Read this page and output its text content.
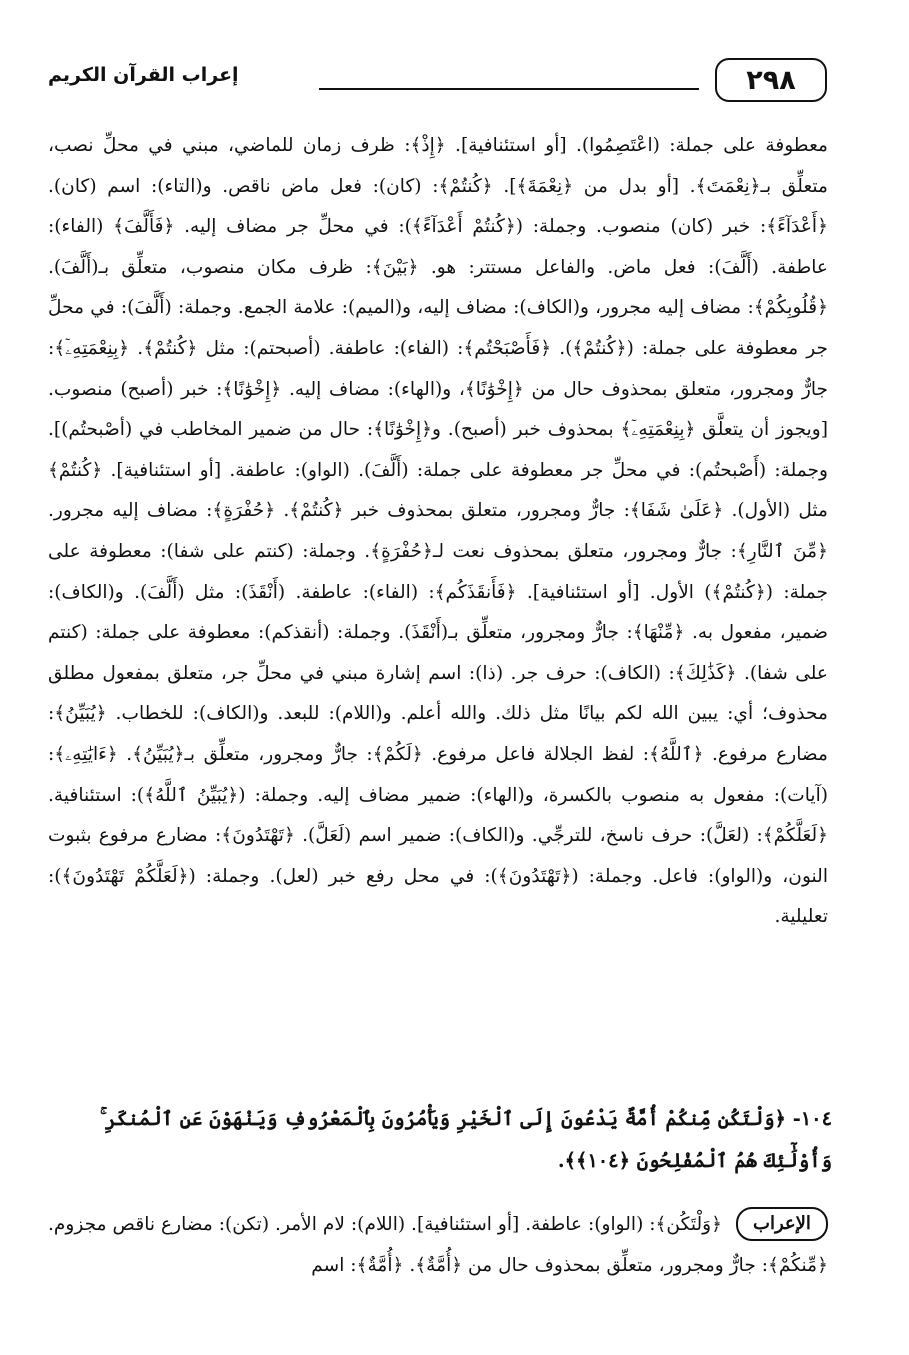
٢٩٨
إعراب القرآن الكريم

معطوفة على جملة: (اعْتَصِمُوا). [أو استئنافية]. ﴿إِذْ﴾: ظرف زمان للماضي، مبني في محلِّ نصب، متعلِّق بـ﴿نِعْمَتَ﴾. [أو بدل من ﴿نِعْمَةَ﴾]. ﴿كُنتُمْ﴾: (كان): فعل ماض ناقص. و(التاء): اسم (كان). ﴿أَعْدَآءً﴾: خبر (كان) منصوب. وجملة: (﴿كُنتُمْ أَعْدَآءً﴾): في محلِّ جر مضاف إليه. ﴿فَأَلَّفَ﴾ (الفاء): عاطفة. (أَلَّفَ): فعل ماض. والفاعل مستتر: هو. ﴿بَيْنَ﴾: ظرف مكان منصوب، متعلِّق بـ(أَلَّفَ). ﴿قُلُوبِكُمْ﴾: مضاف إليه مجرور، و(الكاف): مضاف إليه، و(الميم): علامة الجمع. وجملة: (أَلَّفَ): في محلِّ جر معطوفة على جملة: (﴿كُنتُمْ﴾). ﴿فَأَصْبَحْتُم﴾: (الفاء): عاطفة. (أصبحتم): مثل ﴿كُنتُمْ﴾. ﴿بِنِعْمَتِهِۦٓ﴾: جارٌّ ومجرور، متعلق بمحذوف حال من ﴿إِخْوَٰنًا﴾، و(الهاء): مضاف إليه. ﴿إِخْوَٰنًا﴾: خبر (أصبح) منصوب. [ويجوز أن يتعلَّق ﴿بِنِعْمَتِهِۦٓ﴾ بمحذوف خبر (أصبح). و﴿إِخْوَٰنًا﴾: حال من ضمير المخاطب في (أصْبحتُم)]. وجملة: (أَصْبحتُم): في محلِّ جر معطوفة على جملة: (أَلَّفَ). (الواو): عاطفة. [أو استئنافية]. ﴿كُنتُمْ﴾ مثل (الأول). ﴿عَلَىٰ شَفَا﴾: جارٌّ ومجرور، متعلق بمحذوف خبر ﴿كُنتُمْ﴾. ﴿حُفْرَةٍ﴾: مضاف إليه مجرور. ﴿مِّنَ ٱلنَّارِ﴾: جارٌّ ومجرور، متعلق بمحذوف نعت لـ﴿حُفْرَةٍ﴾. وجملة: (كنتم على شفا): معطوفة على جملة: (﴿كُنتُمْ﴾) الأول. [أو استئنافية]. ﴿فَأَنقَذَكُم﴾: (الفاء): عاطفة. (أَنْقَذَ): مثل (أَلَّفَ). و(الكاف): ضمير، مفعول به. ﴿مِّنْهَا﴾: جارٌّ ومجرور، متعلِّق بـ(أَنْقَذَ). وجملة: (أنقذكم): معطوفة على جملة: (كنتم على شفا). ﴿كَذَٰلِكَ﴾: (الكاف): حرف جر. (ذا): اسم إشارة مبني في محلِّ جر، متعلق بمفعول مطلق محذوف؛ أي: يبين الله لكم بيانًا مثل ذلك. والله أعلم. و(اللام): للبعد. و(الكاف): للخطاب. ﴿يُبَيِّنُ﴾: مضارع مرفوع. ﴿ٱللَّهُ﴾: لفظ الجلالة فاعل مرفوع. ﴿لَكُمْ﴾: جارٌّ ومجرور، متعلِّق بـ﴿يُبَيِّنُ﴾. ﴿ءَايَٰتِهِۦ﴾: (آيات): مفعول به منصوب بالكسرة، و(الهاء): ضمير مضاف إليه. وجملة: (﴿يُبَيِّنُ ٱللَّهُ﴾): استئنافية. ﴿لَعَلَّكُمْ﴾: (لعَلَّ): حرف ناسخ، للترجِّي. و(الكاف): ضمير اسم (لَعَلَّ). ﴿تَهْتَدُونَ﴾: مضارع مرفوع بثبوت النون، و(الواو): فاعل. وجملة: (﴿تَهْتَدُونَ﴾): في محل رفع خبر (لعل). وجملة: (﴿لَعَلَّكُمْ تَهْتَدُونَ﴾): تعليلية.

١٠٤- ﴿وَلْتَكُن مِّنكُمْ أُمَّةٌ يَدْعُونَ إِلَى ٱلْخَيْرِ وَيَأْمُرُونَ بِٱلْمَعْرُوفِ وَيَنْهَوْنَ عَنِ ٱلْمُنكَرِ ۚ وَأُوْلَٰٓئِكَ هُمُ ٱلْمُفْلِحُونَ ﴿١٠٤﴾﴾.
الإعراب

﴿وَلْتَكُن﴾: (الواو): عاطفة. [أو استئنافية]. (اللام): لام الأمر. (تكن): مضارع ناقص مجزوم. ﴿مِّنكُمْ﴾: جارٌّ ومجرور، متعلِّق بمحذوف حال من ﴿أُمَّةٌ﴾. ﴿أُمَّةٌ﴾: اسم
